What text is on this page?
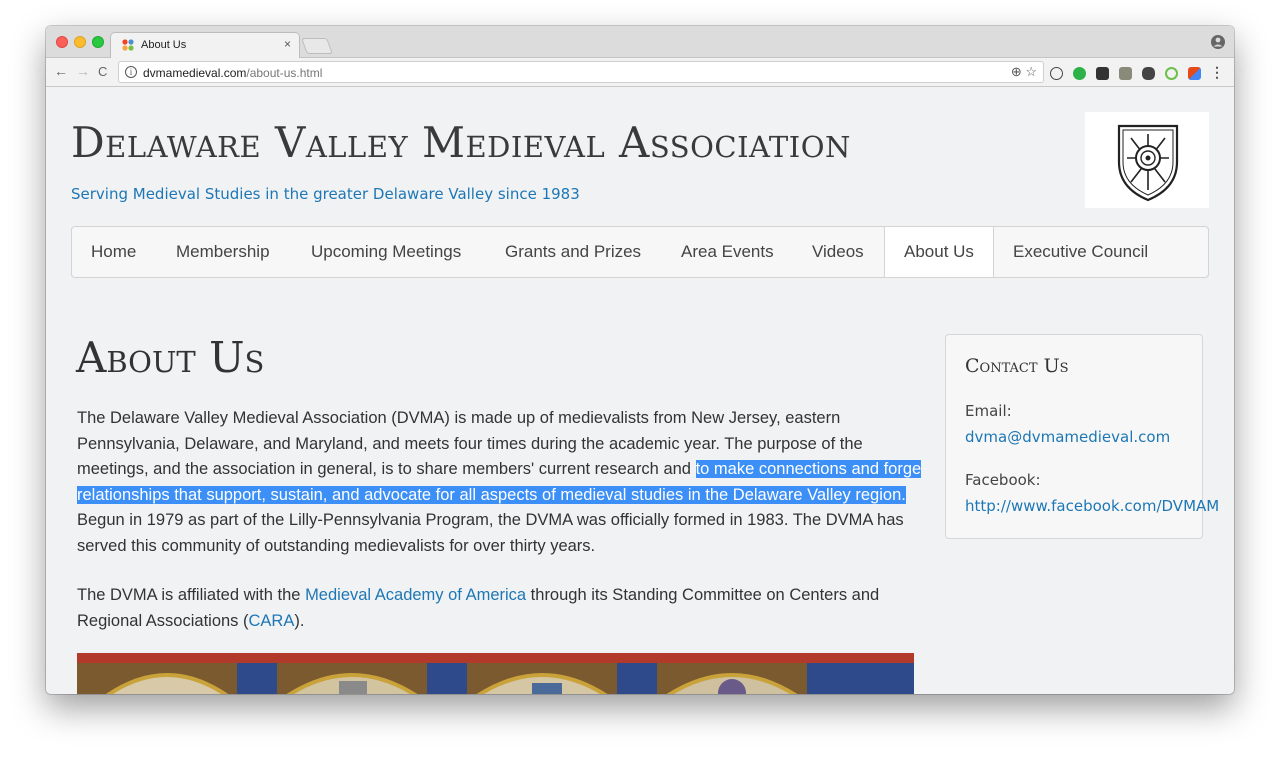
About Us	×
← → C	i dvmamedieval.com/about-us.html	⊕ ☆	⋮
Delaware Valley Medieval Association
Serving Medieval Studies in the greater Delaware Valley since 1983
Home	Membership	Upcoming Meetings	Grants and Prizes	Area Events	Videos	About Us	Executive Council
About Us
The Delaware Valley Medieval Association (DVMA) is made up of medievalists from New Jersey, eastern Pennsylvania, Delaware, and Maryland, and meets four times during the academic year. The purpose of the meetings, and the association in general, is to share members' current research and to make connections and forge relationships that support, sustain, and advocate for all aspects of medieval studies in the Delaware Valley region. Begun in 1979 as part of the Lilly-Pennsylvania Program, the DVMA was officially formed in 1983. The DVMA has served this community of outstanding medievalists for over thirty years.
The DVMA is affiliated with the Medieval Academy of America through its Standing Committee on Centers and Regional Associations (CARA).
Contact Us
Email:
dvma@dvmamedieval.com
Facebook:
http://www.facebook.com/DVMAM
